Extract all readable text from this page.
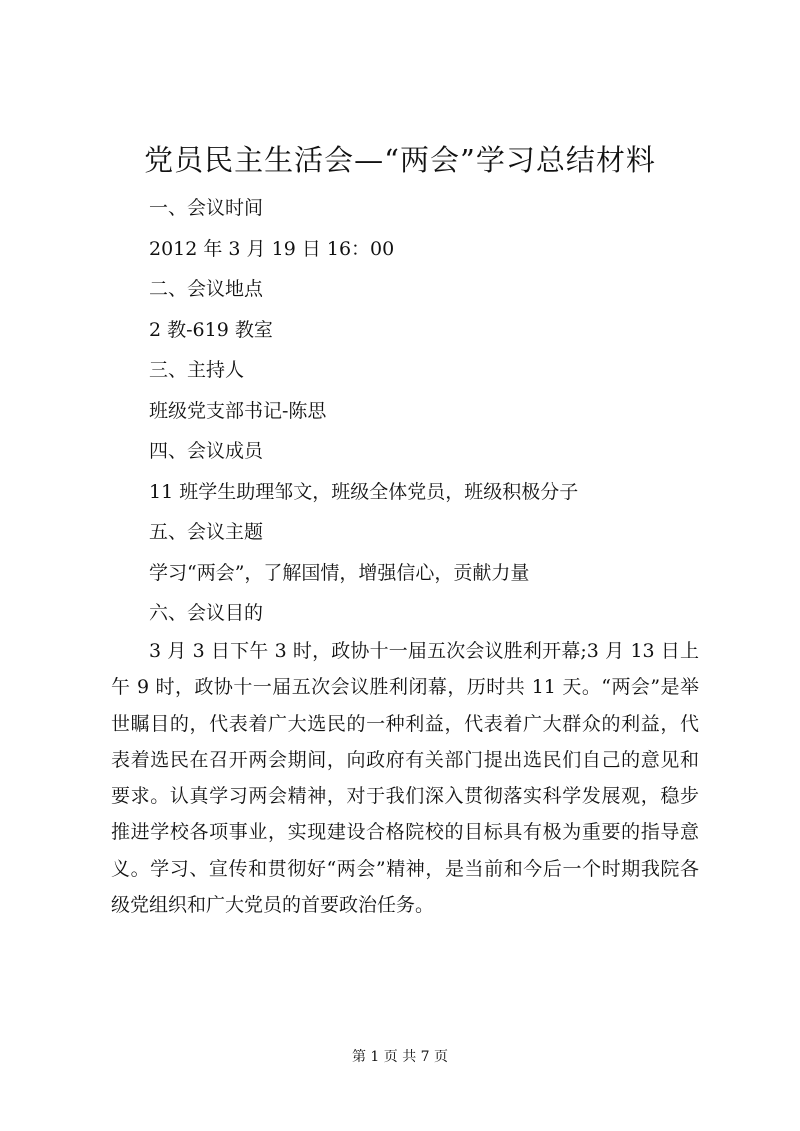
党员民主生活会—“两会”学习总结材料
一、会议时间
2012 年 3 月 19 日 16：00
二、会议地点
2 教-619 教室
三、主持人
班级党支部书记-陈思
四、会议成员
11 班学生助理邹文，班级全体党员，班级积极分子
五、会议主题
学习“两会”，了解国情，增强信心，贡献力量
六、会议目的
3 月 3 日下午 3 时，政协十一届五次会议胜利开幕;3 月 13 日上午 9 时，政协十一届五次会议胜利闭幕，历时共 11 天。“两会”是举世瞩目的，代表着广大选民的一种利益，代表着广大群众的利益，代表着选民在召开两会期间，向政府有关部门提出选民们自己的意见和要求。认真学习两会精神，对于我们深入贯彻落实科学发展观，稳步推进学校各项事业，实现建设合格院校的目标具有极为重要的指导意义。学习、宣传和贯彻好“两会”精神，是当前和今后一个时期我院各级党组织和广大党员的首要政治任务。
第 1 页 共 7 页
